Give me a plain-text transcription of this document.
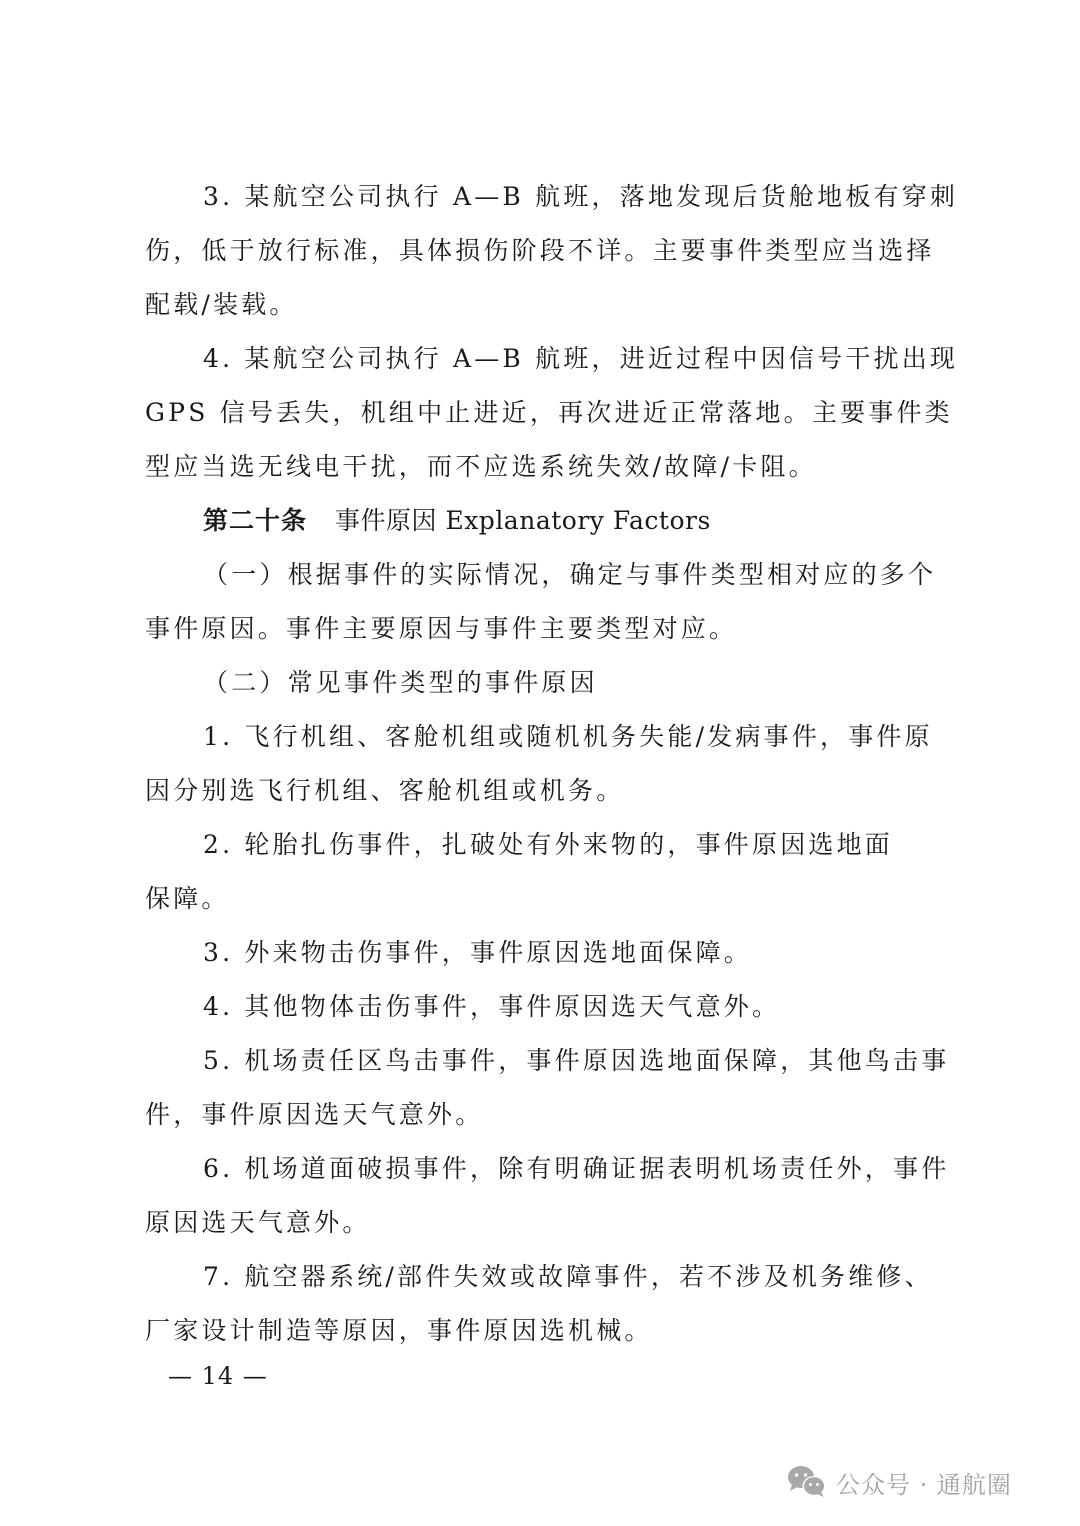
3. 某航空公司执行 A—B 航班，落地发现后货舱地板有穿刺
伤，低于放行标准，具体损伤阶段不详。主要事件类型应当选择
配载/装载。
4. 某航空公司执行 A—B 航班，进近过程中因信号干扰出现
GPS 信号丢失，机组中止进近，再次进近正常落地。主要事件类
型应当选无线电干扰，而不应选系统失效/故障/卡阻。
第二十条 事件原因 Explanatory Factors
（一）根据事件的实际情况，确定与事件类型相对应的多个
事件原因。事件主要原因与事件主要类型对应。
（二）常见事件类型的事件原因
1. 飞行机组、客舱机组或随机机务失能/发病事件，事件原
因分别选飞行机组、客舱机组或机务。
2. 轮胎扎伤事件，扎破处有外来物的，事件原因选地面
保障。
3. 外来物击伤事件，事件原因选地面保障。
4. 其他物体击伤事件，事件原因选天气意外。
5. 机场责任区鸟击事件，事件原因选地面保障，其他鸟击事
件，事件原因选天气意外。
6. 机场道面破损事件，除有明确证据表明机场责任外，事件
原因选天气意外。
7. 航空器系统/部件失效或故障事件，若不涉及机务维修、
厂家设计制造等原因，事件原因选机械。
— 14 —
公众号 · 通航圈
